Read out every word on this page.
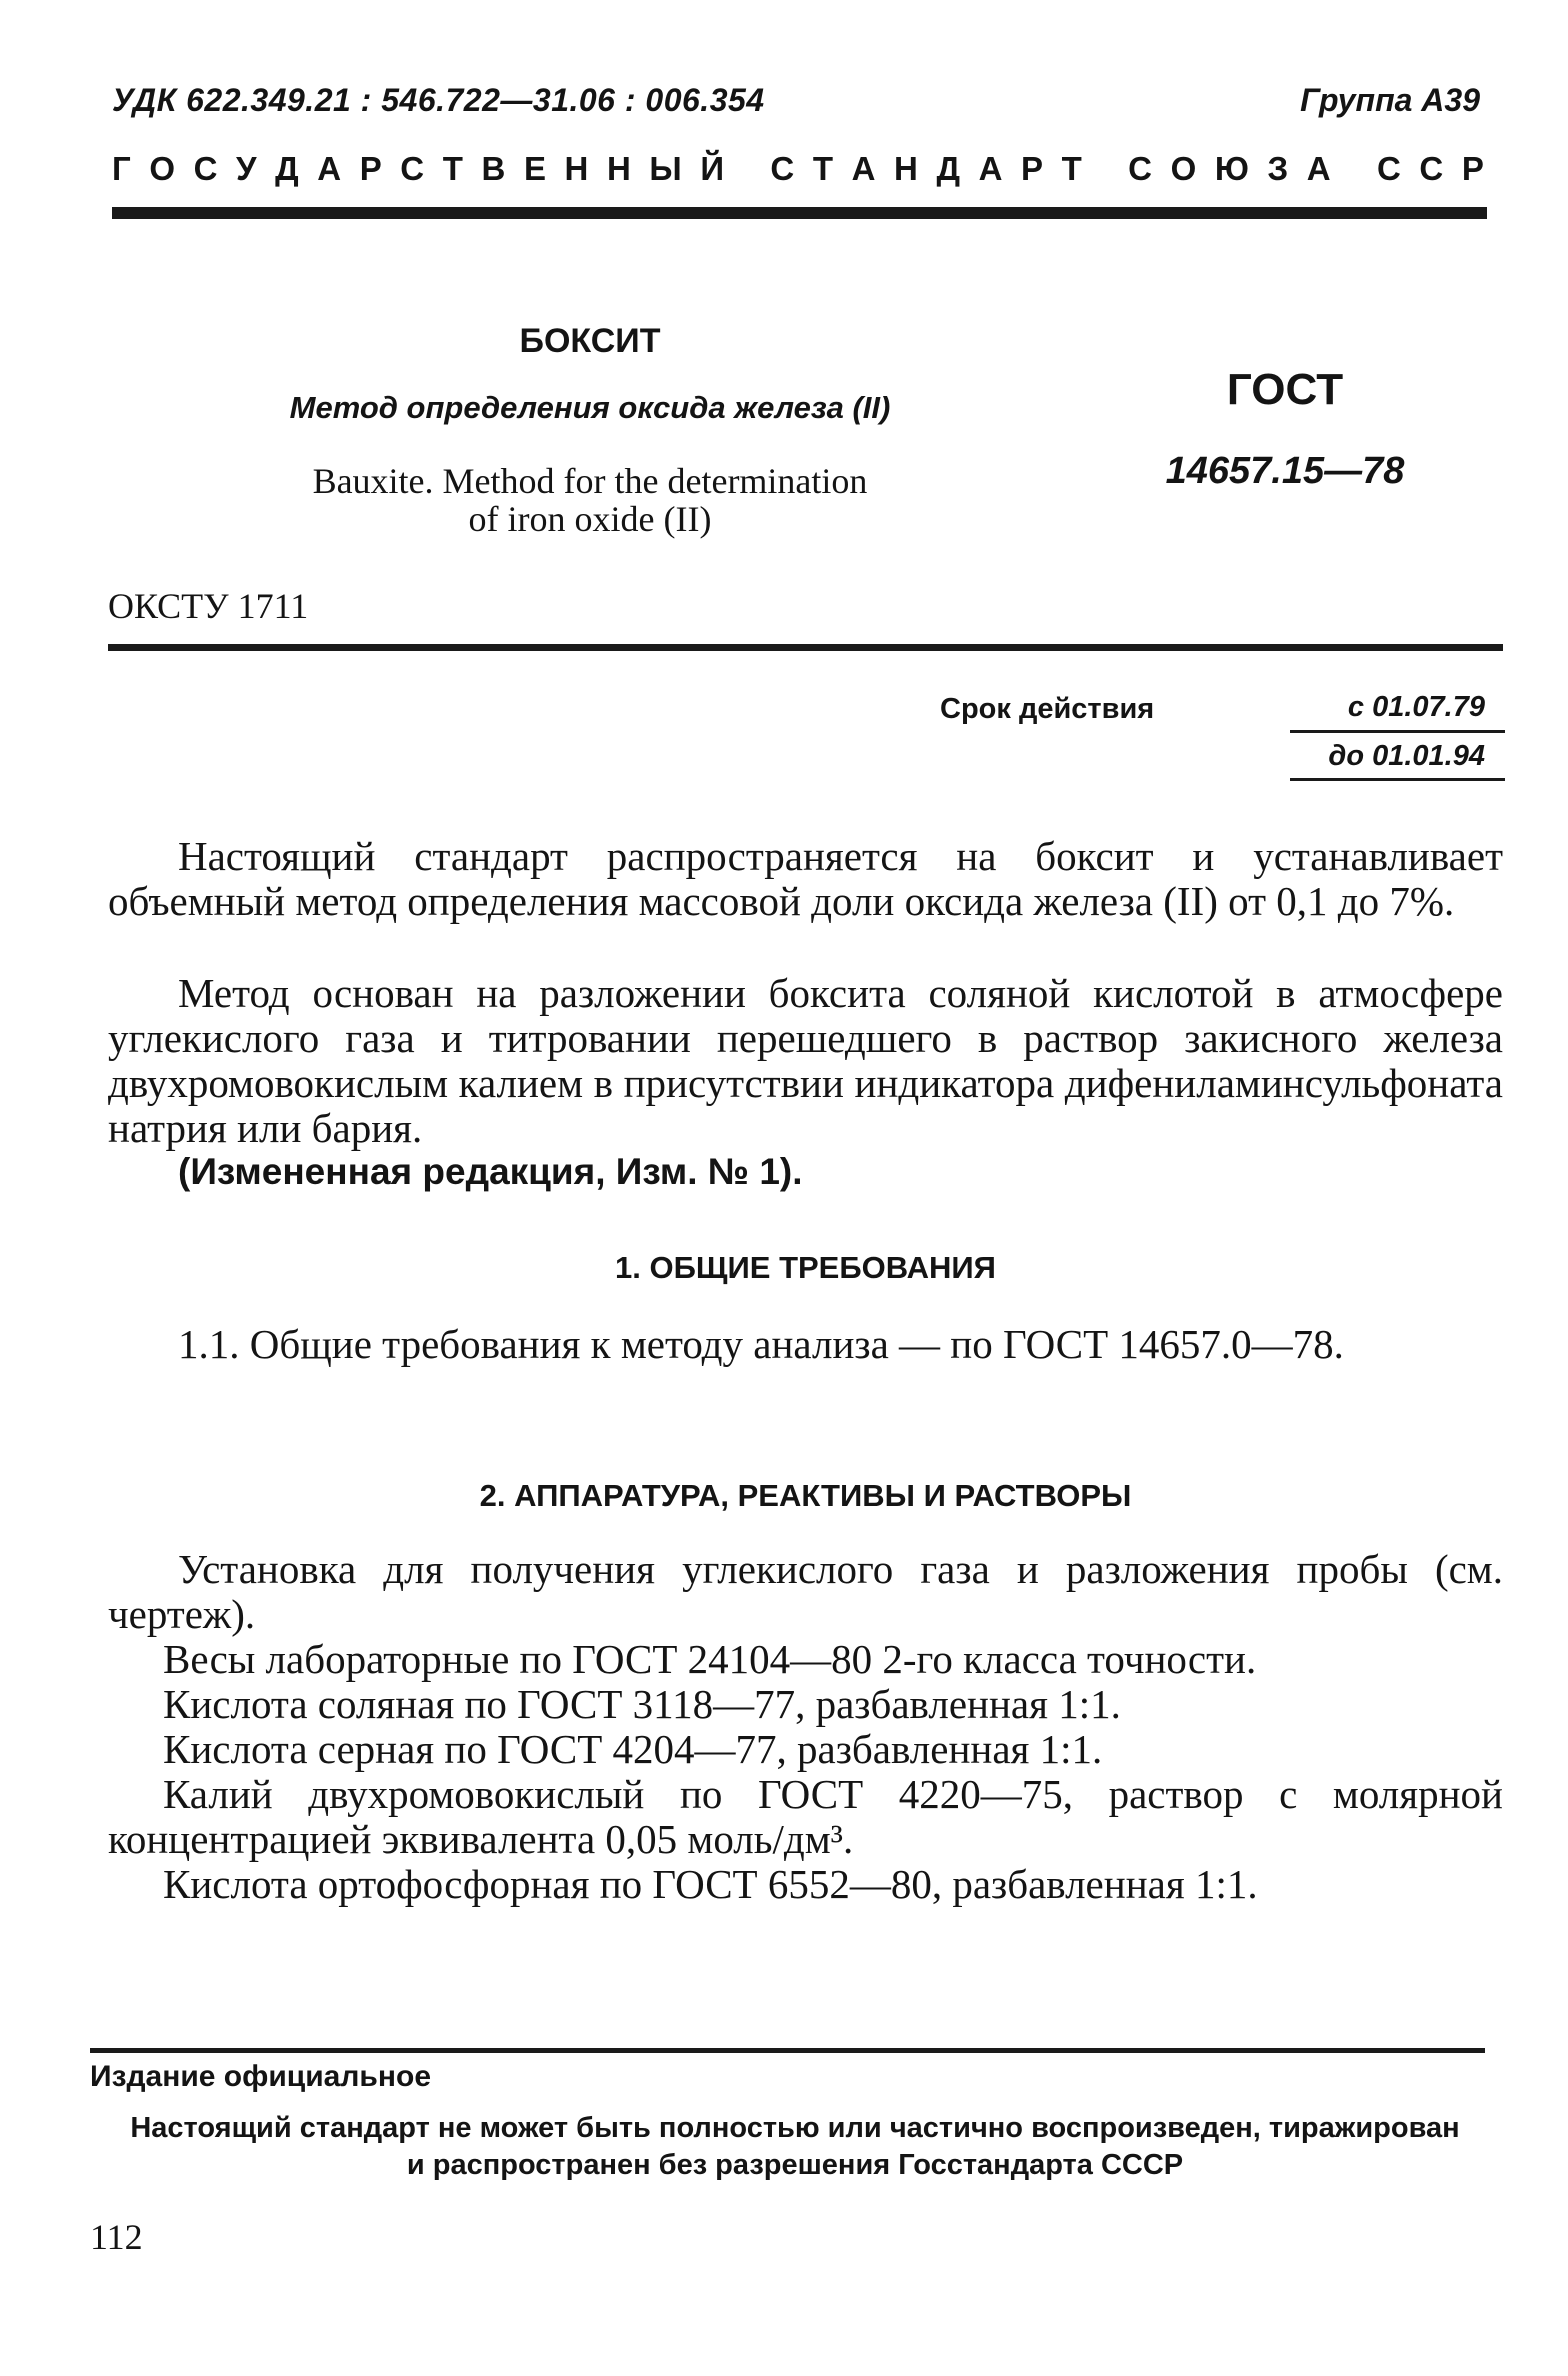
УДК 622.349.21 : 546.722—31.06 : 006.354	Группа А39
Г О С У Д А Р С Т В Е Н Н Ы Й
С Т А Н Д А Р Т
С О Ю З А
С С Р
БОКСИТ
Метод определения оксида железа (II)
Bauxite. Method for the determination
of iron oxide (II)
ГОСТ
14657.15—78
ОКСТУ 1711
Срок действия	с 01.07.79
до 01.01.94

Настоящий стандарт распространяется на боксит и устанавливает объемный метод определения массовой доли оксида железа (II) от 0,1 до 7%.

Метод основан на разложении боксита соляной кислотой в атмосфере углекислого газа и титровании перешедшего в раствор закисного железа двухромовокислым калием в присутствии индикатора дифениламинсульфоната натрия или бария.

(Измененная редакция, Изм. № 1).

1. ОБЩИЕ ТРЕБОВАНИЯ

1.1. Общие требования к методу анализа — по ГОСТ 14657.0—78.

2. АППАРАТУРА, РЕАКТИВЫ И РАСТВОРЫ

Установка для получения углекислого газа и разложения пробы (см. чертеж).

Весы лабораторные по ГОСТ 24104—80 2-го класса точности.

Кислота соляная по ГОСТ 3118—77, разбавленная 1:1.

Кислота серная по ГОСТ 4204—77, разбавленная 1:1.

Калий двухромовокислый по ГОСТ 4220—75, раствор с молярной концентрацией эквивалента 0,05 моль/дм³.

Кислота ортофосфорная по ГОСТ 6552—80, разбавленная 1:1.

Издание официальное
Настоящий стандарт не может быть полностью или частично воспроизведен, тиражирован и распространен без разрешения Госстандарта СССР
112
